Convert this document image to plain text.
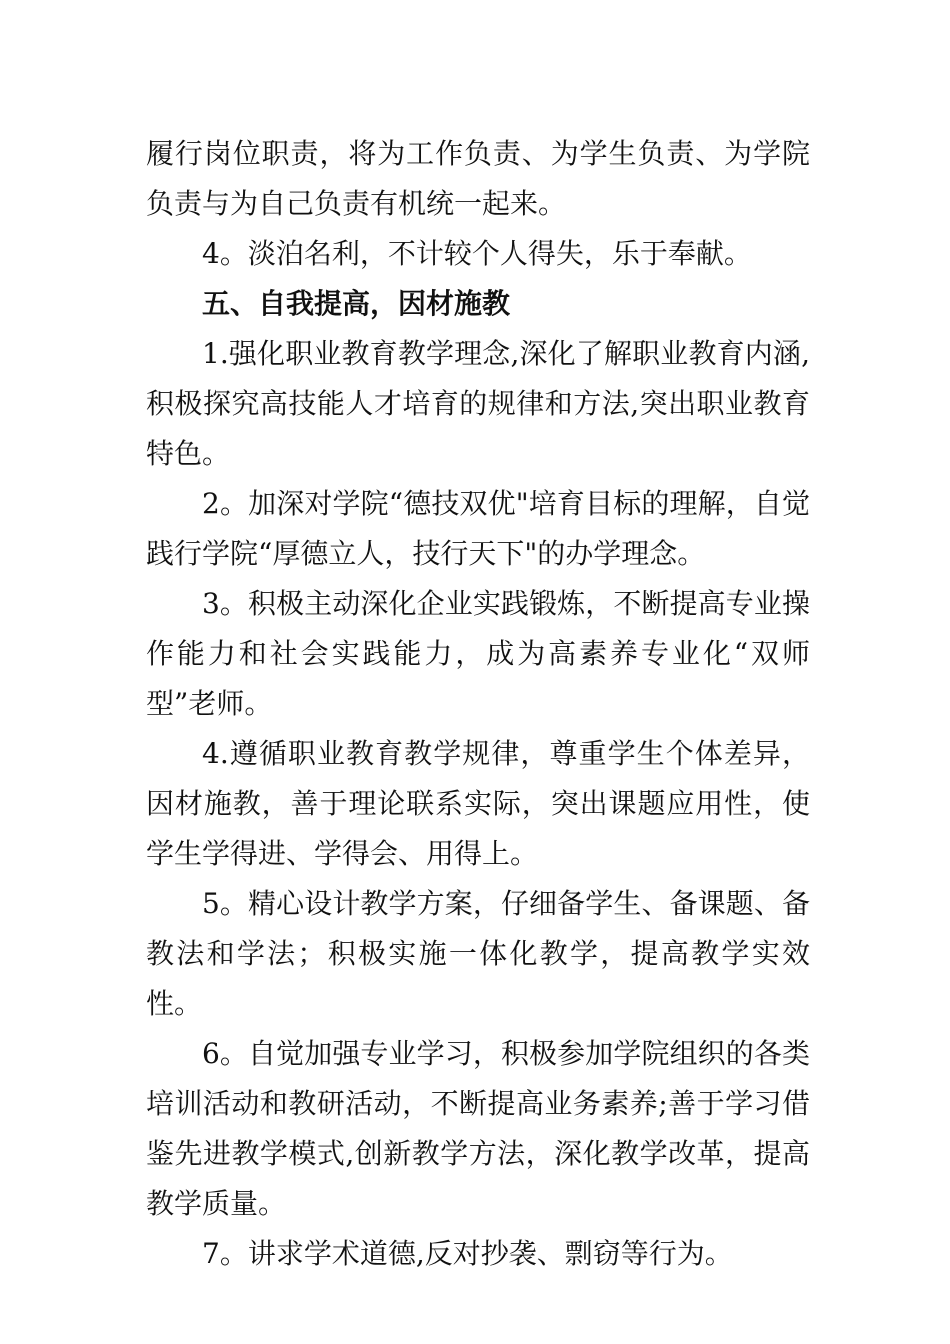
履行岗位职责，将为工作负责、为学生负责、为学院负责与为自己负责有机统一起来。

4。淡泊名利，不计较个人得失，乐于奉献。

五、自我提高，因材施教

1.强化职业教育教学理念,深化了解职业教育内涵,积极探究高技能人才培育的规律和方法,突出职业教育特色。

2。加深对学院“德技双优"培育目标的理解，自觉践行学院“厚德立人，技行天下"的办学理念。

3。积极主动深化企业实践锻炼，不断提高专业操作能力和社会实践能力，成为高素养专业化“双师型”老师。

4.遵循职业教育教学规律，尊重学生个体差异，因材施教，善于理论联系实际，突出课题应用性，使学生学得进、学得会、用得上。

5。精心设计教学方案，仔细备学生、备课题、备教法和学法；积极实施一体化教学，提高教学实效性。

6。自觉加强专业学习，积极参加学院组织的各类培训活动和教研活动，不断提高业务素养;善于学习借鉴先进教学模式,创新教学方法，深化教学改革，提高教学质量。

7。讲求学术道德,反对抄袭、剽窃等行为。
